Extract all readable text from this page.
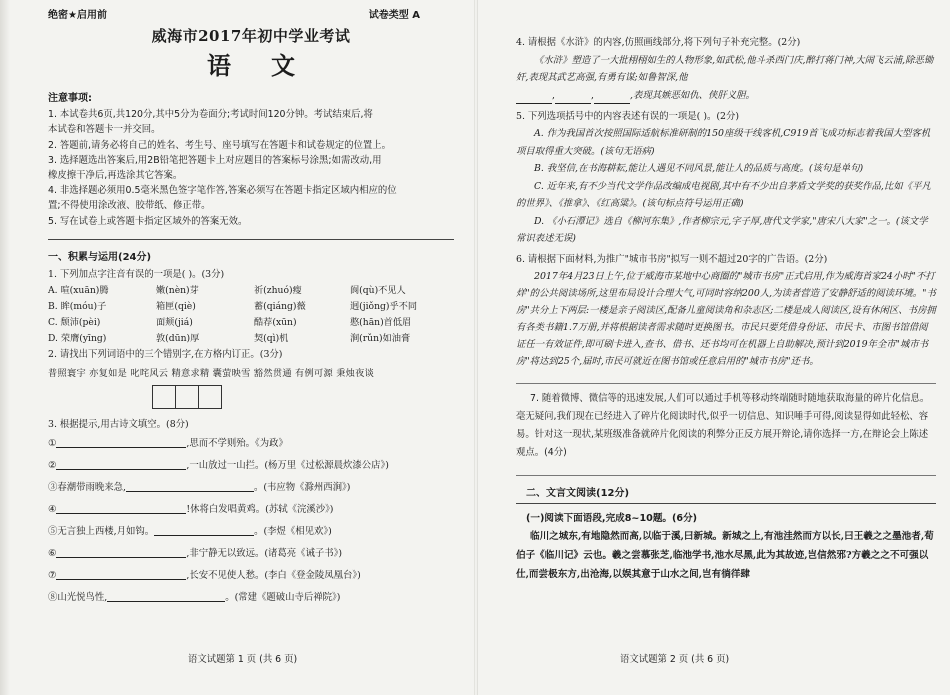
绝密★启用前	试卷类型 A
威海市2017年初中学业考试
语文
注意事项:

1. 本试卷共6页,共120分,其中5分为卷面分;考试时间120分钟。考试结束后,将

本试卷和答题卡一并交回。

2. 答题前,请务必将自己的姓名、考生号、座号填写在答题卡和试卷规定的位置上。

3. 选择题选出答案后,用2B铅笔把答题卡上对应题目的答案标号涂黑;如需改动,用

橡皮擦干净后,再选涂其它答案。

4. 非选择题必须用0.5毫米黑色签字笔作答,答案必须写在答题卡指定区域内相应的位

置;不得使用涂改液、胶带纸、修正带。

5. 写在试卷上或答题卡指定区域外的答案无效。

一、积累与运用(24分)

1. 下列加点字注音有误的一项是( )。(3分)

A. 喧(xuān)腾	嫩(nèn)芽	祈(zhuó)瘦	阆(qù)不见人
B. 眸(móu)子	箱匣(qiè)	蓄(qiáng)薇	迥(jiǒng)乎不同
C. 颓沛(pèi)	面颊(jiá)	酷荐(xūn)	憨(hān)首低眉
D. 荣膺(yīng)	敦(dūn)厚	契(qì)机	涧(rǔn)如油膏

2. 请找出下列词语中的三个错别字,在方格内订正。(3分)

普照寰宇 亦复如是 叱咤风云 精意求精 囊萤映雪 豁然贯通 有例可源 秉烛夜谈

3. 根据提示,用古诗文填空。(8分)

①	,思而不学则殆。《为政》
②	,一山放过一山拦。(杨万里《过松源晨炊漆公店》)
③春潮带雨晚来急,	。(韦应物《滁州西涧》)
④	!休将白发唱黄鸡。(苏轼《浣溪沙》)
⑤无言独上西楼,月如钩。	。(李煜《相见欢》)
⑥	,非宁静无以致远。(诸葛亮《诫子书》)
⑦	,长安不见使人愁。(李白《登金陵凤凰台》)
⑧山光悦鸟性,	。(常建《题破山寺后禅院》)
语文试题第 1 页 (共 6 页)

4. 请根据《水浒》的内容,仿照画线部分,将下列句子补充完整。(2分)

《水浒》塑造了一大批栩栩如生的人物形象,如武松,他斗杀西门庆,醉打蒋门神,大闹飞云浦,除恶锄奸,表现其武艺高强,有勇有谋;如鲁智深,他

,	,	,表现其嫉恶如仇、侠肝义胆。

5. 下列选项括号中的内容表述有误的一项是( )。(2分)

A. 作为我国首次按照国际适航标准研制的150座级干线客机,C919首飞成功标志着我国大型客机项目取得重大突破。(该句无语病)

B. 我坚信,在书海耕耘,能让人遇见不同风景,能让人的品质与高度。(该句是单句)

C. 近年来,有不少当代文学作品改编成电视剧,其中有不少出自茅盾文学奖的获奖作品,比如《平凡的世界》、《推拿》、《红高粱》。(该句标点符号运用正确)

D. 《小石潭记》选自《柳河东集》,作者柳宗元,字子厚,唐代文学家,"唐宋八大家"之一。(该文学常识表述无误)

6. 请根据下面材料,为推广"城市书房"拟写一则不超过20字的广告语。(2分)

2017年4月23日上午,位于威海市某地中心商圈的"城市书房"正式启用,作为威海首家24小时"不打烊"的公共阅读场所,这里布局设计合理大气,可同时容纳200人,为读者营造了安静舒适的阅读环境。"书房"共分上下两层:一楼是亲子阅读区,配备儿童阅读角和杂志区;二楼是成人阅读区,设有休闲区、书房拥有各类书籍1.7万册,并将根据读者需求随时更换图书。市民只要凭借身份证、市民卡、市图书馆借阅证任一有效证件,即可刷卡进入,查书、借书、还书均可在机器上自助解决,预计到2019年全市"城市书房"将达到25个,届时,市民可就近在图书馆或任意启用的"城市书房"还书。

7. 随着微博、微信等的迅速发展,人们可以通过手机等移动终端随时随地获取海量的碎片化信息。毫无疑问,我们现在已经进入了碎片化阅读时代,似乎一切信息、知识唾手可得,阅读显得如此轻松、容易。针对这一现状,某班级准备就碎片化阅读的利弊分正反方展开辩论,请你选择一方,在辩论会上陈述观点。(4分)

二、文言文阅读(12分)
(一)阅读下面语段,完成8~10题。(6分)

临川之城东,有地隐然而高,以临于溪,曰新城。新城之上,有池洼然而方以长,曰王羲之之墨池者,荀伯子《临川记》云也。羲之尝慕张芝,临池学书,池水尽黑,此为其故迹,岂信然邪?方羲之之不可强以仕,而尝极东方,出沧海,以娱其意于山水之间,岂有徜徉肆

语文试题第 2 页 (共 6 页)
